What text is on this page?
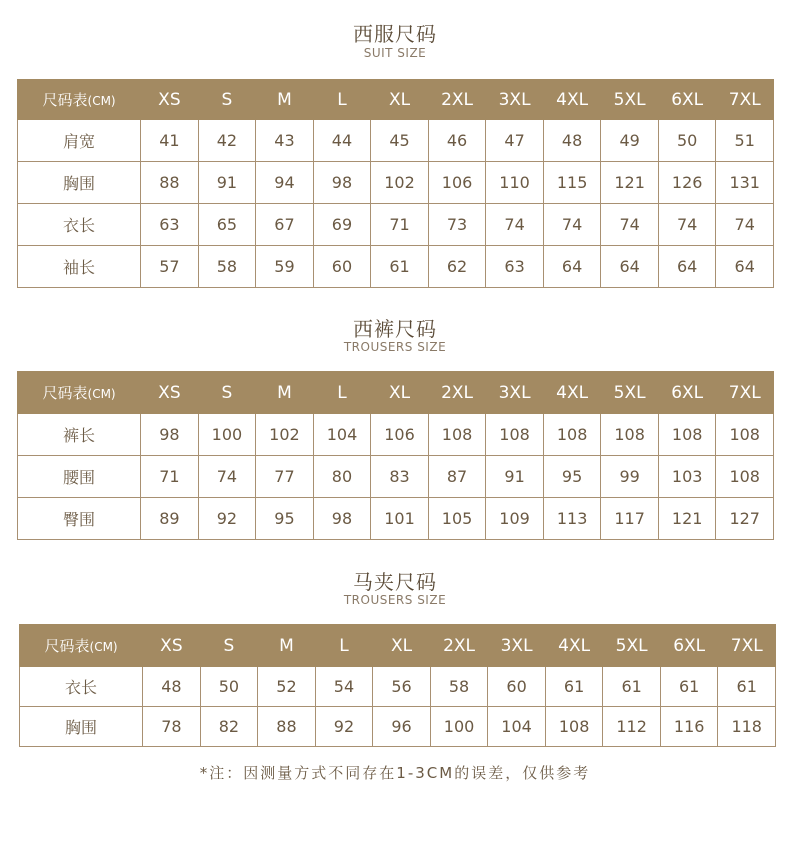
西服尺码
SUIT SIZE
尺码表(CM)	XS	S	M	L	XL	2XL	3XL	4XL	5XL	6XL	7XL
肩宽	41	42	43	44	45	46	47	48	49	50	51
胸围	88	91	94	98	102	106	110	115	121	126	131
衣长	63	65	67	69	71	73	74	74	74	74	74
袖长	57	58	59	60	61	62	63	64	64	64	64
西裤尺码
TROUSERS SIZE
尺码表(CM)	XS	S	M	L	XL	2XL	3XL	4XL	5XL	6XL	7XL
裤长	98	100	102	104	106	108	108	108	108	108	108
腰围	71	74	77	80	83	87	91	95	99	103	108
臀围	89	92	95	98	101	105	109	113	117	121	127
马夹尺码
TROUSERS SIZE
尺码表(CM)	XS	S	M	L	XL	2XL	3XL	4XL	5XL	6XL	7XL
衣长	48	50	52	54	56	58	60	61	61	61	61
胸围	78	82	88	92	96	100	104	108	112	116	118
*注：因测量方式不同存在1-3CM的误差，仅供参考
